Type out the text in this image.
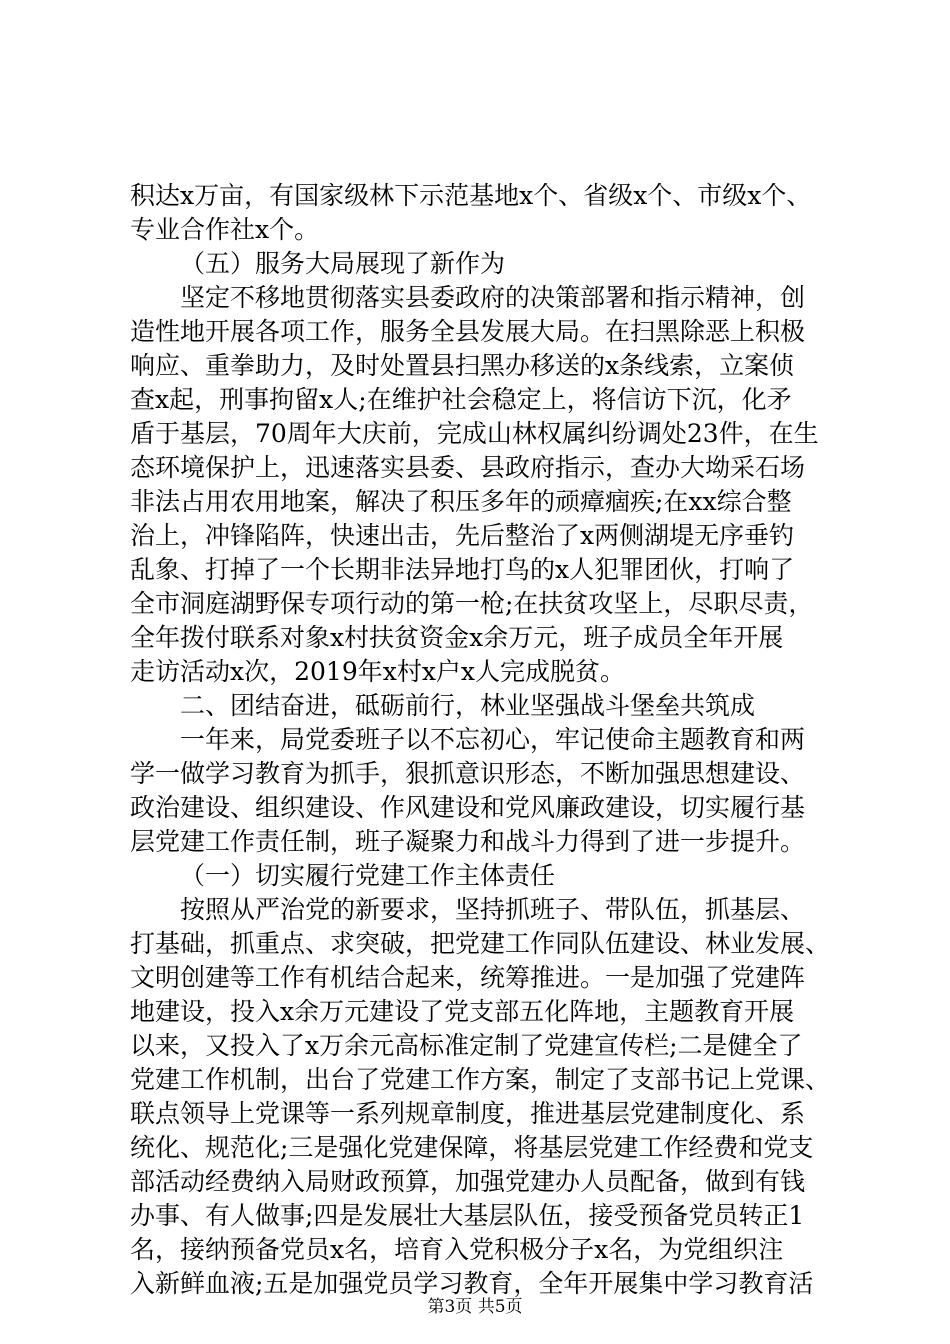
积达x万亩，有国家级林下示范基地x个、省级x个、市级x个、

专业合作社x个。

（五）服务大局展现了新作为

坚定不移地贯彻落实县委政府的决策部署和指示精神，创

造性地开展各项工作，服务全县发展大局。在扫黑除恶上积极

响应、重拳助力，及时处置县扫黑办移送的x条线索，立案侦

查x起，刑事拘留x人;在维护社会稳定上，将信访下沉，化矛

盾于基层，70周年大庆前，完成山林权属纠纷调处23件，在生

态环境保护上，迅速落实县委、县政府指示，查办大坳采石场

非法占用农用地案，解决了积压多年的顽瘴痼疾;在xx综合整

治上，冲锋陷阵，快速出击，先后整治了x两侧湖堤无序垂钓

乱象、打掉了一个长期非法异地打鸟的x人犯罪团伙，打响了

全市洞庭湖野保专项行动的第一枪;在扶贫攻坚上，尽职尽责，

全年拨付联系对象x村扶贫资金x余万元，班子成员全年开展

走访活动x次，2019年x村x户x人完成脱贫。

二、团结奋进，砥砺前行，林业坚强战斗堡垒共筑成

一年来，局党委班子以不忘初心，牢记使命主题教育和两

学一做学习教育为抓手，狠抓意识形态，不断加强思想建设、

政治建设、组织建设、作风建设和党风廉政建设，切实履行基

层党建工作责任制，班子凝聚力和战斗力得到了进一步提升。

（一）切实履行党建工作主体责任

按照从严治党的新要求，坚持抓班子、带队伍，抓基层、

打基础，抓重点、求突破，把党建工作同队伍建设、林业发展、

文明创建等工作有机结合起来，统筹推进。一是加强了党建阵

地建设，投入x余万元建设了党支部五化阵地，主题教育开展

以来，又投入了x万余元高标准定制了党建宣传栏;二是健全了

党建工作机制，出台了党建工作方案，制定了支部书记上党课、

联点领导上党课等一系列规章制度，推进基层党建制度化、系

统化、规范化;三是强化党建保障，将基层党建工作经费和党支

部活动经费纳入局财政预算，加强党建办人员配备，做到有钱

办事、有人做事;四是发展壮大基层队伍，接受预备党员转正1

名，接纳预备党员x名，培育入党积极分子x名，为党组织注

入新鲜血液;五是加强党员学习教育，全年开展集中学习教育活

第3页 共5页
